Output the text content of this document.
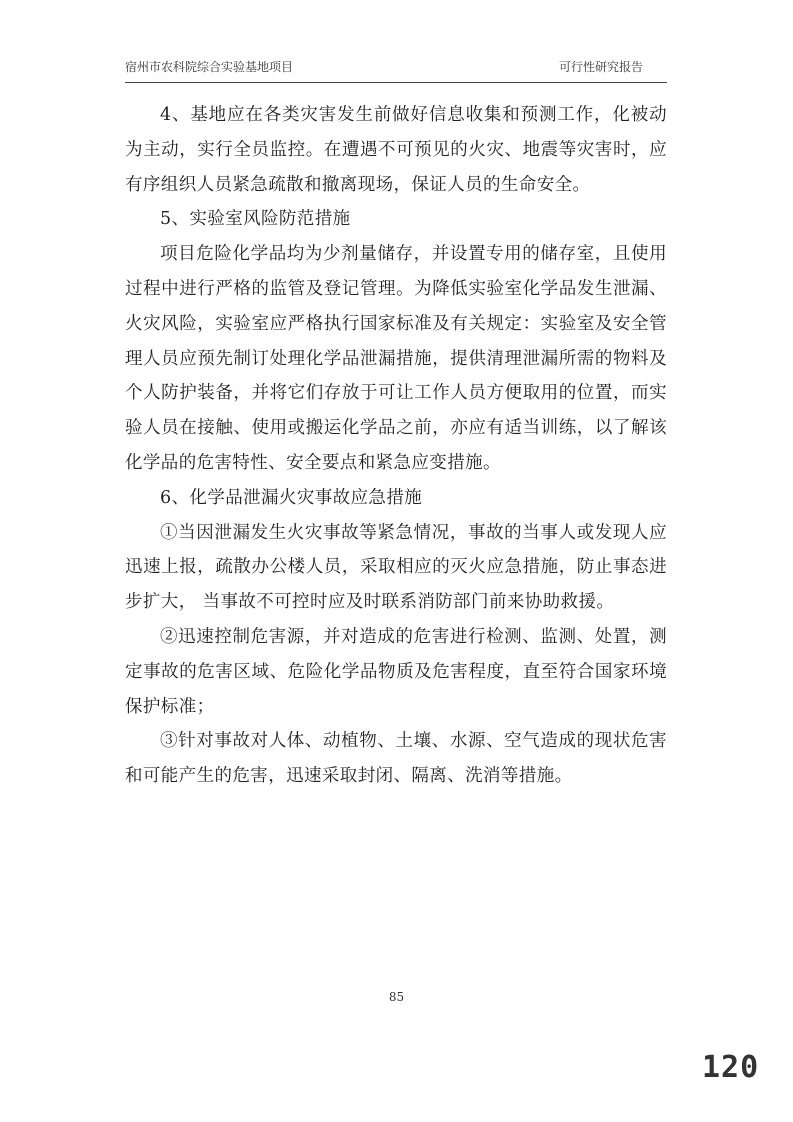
宿州市农科院综合实验基地项目	可行性研究报告

4、基地应在各类灾害发生前做好信息收集和预测工作，化被动为主动，实行全员监控。在遭遇不可预见的火灾、地震等灾害时，应有序组织人员紧急疏散和撤离现场，保证人员的生命安全。

5、实验室风险防范措施

项目危险化学品均为少剂量储存，并设置专用的储存室，且使用过程中进行严格的监管及登记管理。为降低实验室化学品发生泄漏、火灾风险，实验室应严格执行国家标准及有关规定：实验室及安全管理人员应预先制订处理化学品泄漏措施，提供清理泄漏所需的物料及个人防护装备，并将它们存放于可让工作人员方便取用的位置，而实验人员在接触、使用或搬运化学品之前，亦应有适当训练，以了解该化学品的危害特性、安全要点和紧急应变措施。

6、化学品泄漏火灾事故应急措施

①当因泄漏发生火灾事故等紧急情况，事故的当事人或发现人应迅速上报，疏散办公楼人员，采取相应的灭火应急措施，防止事态进步扩大， 当事故不可控时应及时联系消防部门前来协助救援。

②迅速控制危害源，并对造成的危害进行检测、监测、处置，测定事故的危害区域、危险化学品物质及危害程度，直至符合国家环境保护标准；

③针对事故对人体、动植物、土壤、水源、空气造成的现状危害和可能产生的危害，迅速采取封闭、隔离、洗消等措施。

85
120
